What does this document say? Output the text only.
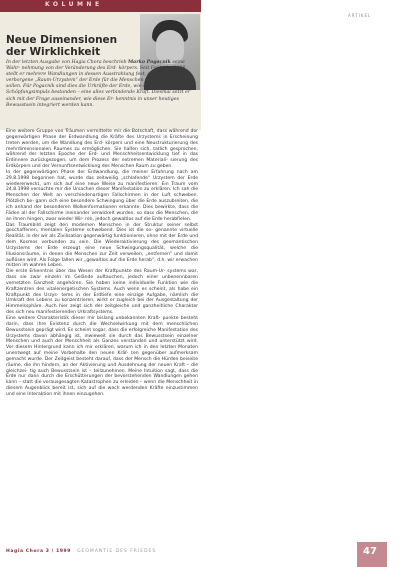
KOLUMNE
ARTIKEL
Neue Dimensionen
der Wirklichkeit

In der letzten Ausgabe von Hagia Chora beschrieb Marko Pogacnik seine Wahr- nehmung von der Veränderung des Erd- körpers. Seit Frühjahr 1998 stellt er mehrere Wandlungen in dessen Ausstrahlung fest, die das bislang verborgene „Raum-Urzystem“ der Erde für die Menschen spürbar machen sollen. Für Pogacnik sind dies die Urkräfte der Erde, wie sie vor dem ersten Schöpfungsimpuls bestanden – eine alles verbindende Kraft. Diesmal setzt er sich mit der Frage auseinander, wie diese Er- kenntnis in unser heutiges Bewusstsein integriert werden kann.

Eine weitere Gruppe von Träumen vermittelte mir die Botschaft, dass während der gegenwärtigen Phase der Erdwandlung die Kräfte des Urzystems in Erscheinung treten werden, um die Wandlung des Erd- körpers und eine Neustrukturierung des mehrdimensionalen Raumes zu ermöglichen. Sie halfen sich, tatlich gesprochen, während der letzten Epoche der Erd- und Menschheitsentwicklung tief in das Erdinnere zurückgezogen, um dem Prozess der extremen Materiali- sierung des Erdkörpers und der Vernunftsentwicklung des Menschen Raum zu geben.

In der gegenwärtigen Phase der Erdwandlung, die meiner Erfahrung nach am 29.8.1998 begonnen hat, wurde das zeitweilig „schlafende“ Urzystem der Erde wiedererweckt, um sich auf eine neue Weise zu manifestieren. Ein Traum vom 24.8.1998 versuchte mir die Ursachen dieser Manifestation zu erklären. Ich sah die Menschen der Welt an verschiedenartigen Fallschirmen in der Luft schweben. Plötzlich be- gann sich eine besondere Schwingung über die Erde auszubreiten, die ich anhand der besonderen Wolkenformationen erkannte. Dies bewirkte, dass die Fäden all der Fallschirme ineinander verwickelt wurden, so dass die Menschen, die an ihnen hingen, zwar wieder Wir- ren, jedoch gewaltlos auf die Erde herabfielen.

Das Traumbild zeigt den modernen Menschen in der Struktur seiner selbst geschaffenen, mentalen Systeme schwebend. Dies ist die so- genannte virtuelle Realität, in der wir als Zivilisation gegenwärtig funktionieren, ohne mit der Erde und dem Kosmos verbunden zu sein. Die Wiederaktivierung des geomantischen Urzystems der Erde erzeugt eine neue Schwingungsqualität, welche die Illusionsräume, in denen die Menschen zur Zeit verweilen, „entfernen“ und damit auflösen wird. Als Folge fallen wir „gewaltlos auf die Erde herab“, d.h. wir erwachen mitten im wahren Leben.

Die erste Erkenntnis über das Wesen der Kraftpunkte des Raum-Ur- systems war, dass sie zwar einzeln im Gelände auftauchen, jedoch einer unbenennbaren vernetzten Ganzheit angehören. Sie haben keine individuelle Funktion wie die Kraftzentren des vitalenergetischen Systems. Auch wenn es scheint, als habe ein Kraftpunkt des Urzys- tems in der Erdtiefe eine einzige Aufgabe, nämlich die Umkraft des Lebens zu konzentrieren, wirkt er zugleich bei der Ausgestaltung der Himmelssphäre. Auch hier zeigt sich der zeitgleiche und ganzheitliche Charakter des sich neu manifestierenden Urkraftsystems.

Eine weitere Charakteristik dieser mir bislang unbekannten Kraft- punkte besteht darin, dass ihre Existenz durch die Wechselwirkung mit dem menschlichen Bewusstsein geprägt wird. Es scheint sogar, dass die erfolgreiche Manifestation des Urzystems davon abhängig ist, inwieweit sie durch das Bewusstsein einzelner Menschen und auch der Menschheit als Ganzes verstanden und unterstützt wird. Vor diesem Hintergrund kann ich mir erklären, warum ich in den letzten Monaten unentwegt auf meine Vorbehalte den neuen Kräf- ten gegenüber aufmerksam gemacht wurde. Der Zeitgeist besteht darauf, dass der Mensch die Hürden beiseite räume, die ihn hindern, an der Aktivierung und Ausdehnung der neuen Kraft – die gleichzei- tig auch Bewusstsein ist – teilzunehmen. Meine Intuition sagt, dass die Erde nur dann durch die Erschütterungen der bevorstehenden Wandlungen gehen kann – statt die vorausgesagten Katastrophen zu erleiden – wenn die Menschheit in diesem Augenblick bereit ist, sich auf die wach werdenden Kräfte einzustimmen und eine Interaktion mit ihnen einzugehen.

Hagia Chora 3 / 1999 GEOMANTIE DES FRIEDES	47
